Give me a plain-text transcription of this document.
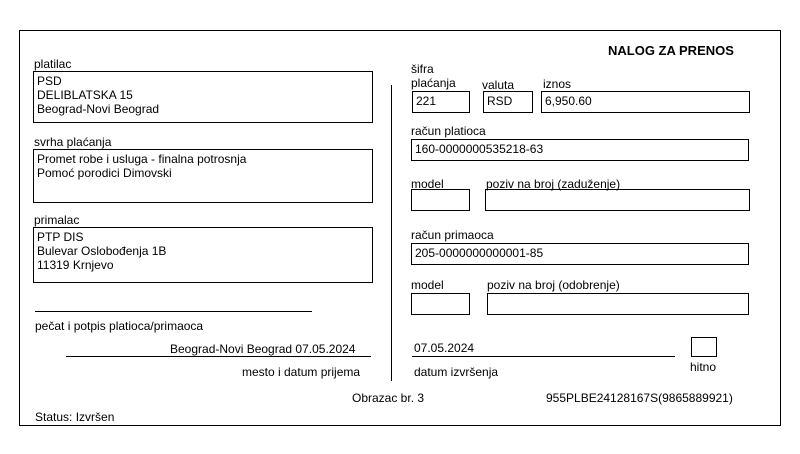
NALOG ZA PRENOS
platilac
PSD
DELIBLATSKA 15
Beograd-Novi Beograd
svrha plaćanja
Promet robe i usluga - finalna potrosnja
Pomoć porodici Dimovski
primalac
PTP DIS
Bulevar Oslobođenja 1B
11319 Krnjevo
pečat i potpis platioca/primaoca
Beograd-Novi Beograd 07.05.2024
mesto i datum prijema
šifra
plaćanja valuta iznos
221	RSD	6,950.60
račun platioca
160-0000000535218-63
model	poziv na broj (zaduženje)
račun primaoca
205-0000000000001-85
model	poziv na broj (odobrenje)
07.05.2024
datum izvršenja	hitno
Obrazac br. 3	955PLBE24128167S(9865889921)
Status: Izvršen
